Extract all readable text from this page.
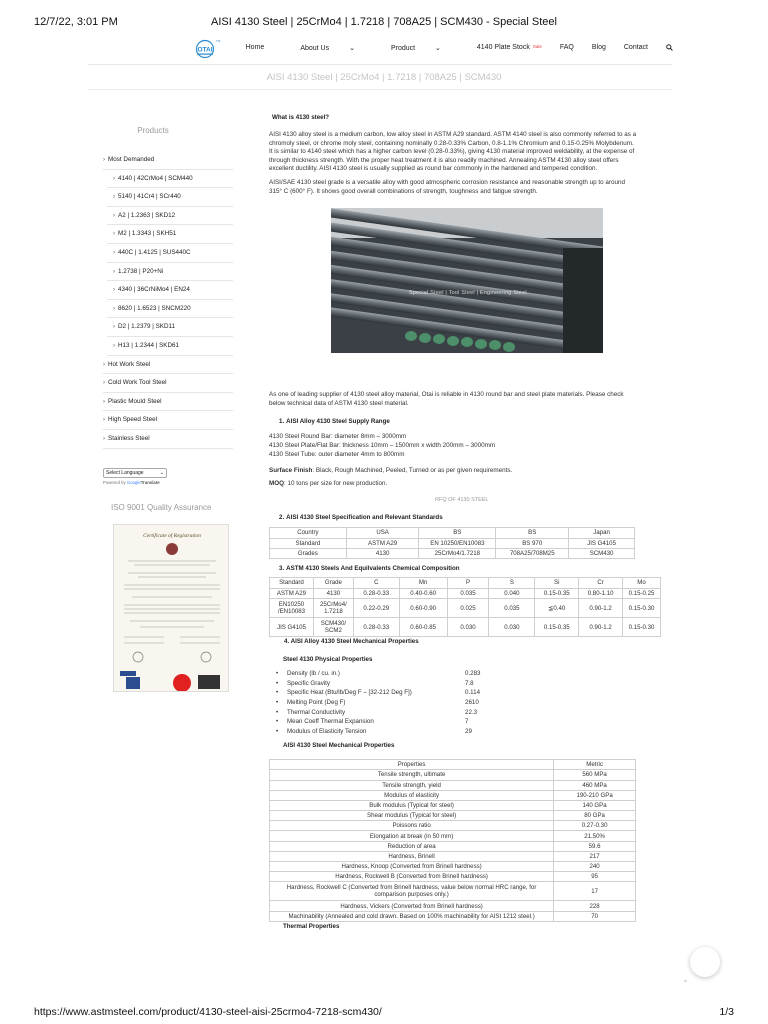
12/7/22, 3:01 PM	AISI 4130 Steel | 25CrMo4 | 1.7218 | 708A25 | SCM430 - Special Steel
OTAI
TM
Home	About Us	⌄	Product	⌄	4140 Plate Stock Sale	FAQ	Blog	Contact
AISI 4130 Steel | 25CrMo4 | 1.7218 | 708A25 | SCM430
Products
› Most Demanded
› 4140 | 42CrMo4 | SCM440
› 5140 | 41Cr4 | SCr440
› A2 | 1.2363 | SKD12
› M2 | 1.3343 | SKH51
› 440C | 1.4125 | SUS440C
› 1.2738 | P20+Ni
› 4340 | 36CrNiMo4 | EN24
› 8620 | 1.6523 | SNCM220
› D2 | 1.2379 | SKD11
› H13 | 1.2344 | SKD61
› Hot Work Steel
› Cold Work Tool Steel
› Plastic Mould Steel
› High Speed Steel
› Stainless Steel
Select Language	⌄
Powered by GoogleTranslate
ISO 9001 Quality Assurance
Certificate of Registration
What is 4130 steel?
AISI 4130 alloy steel is a medium carbon, low alloy steel in ASTM A29 standard. ASTM 4140 steel is also commonly referred to as a chromoly steel, or chrome moly steel, containing nominally 0.28-0.33% Carbon, 0.8-1.1% Chromium and 0.15-0.25% Molybdenum. It is similar to 4140 steel which has a higher carbon level (0.28-0.33%), giving 4130 material improved weldability, at the expense of through thickness strength. With the proper heat treatment it is also readily machined. Annealing ASTM 4130 alloy steel offers excellent ductility. AISI 4130 steel is usually supplied as round bar commonly in the hardened and tempered condition.
AISI/SAE 4130 steel grade is a versatile alloy with good atmospheric corrosion resistance and reasonable strength up to around 315° C (600° F). It shows good overall combinations of strength, toughness and fatigue strength.
Special Steel | Tool Steel | Engineering Steel
As one of leading supplier of 4130 steel alloy material, Otai is reliable in 4130 round bar and steel plate materials. Please check below technical data of ASTM 4130 steel material.
1. AISI Alloy 4130 Steel Supply Range
4130 Steel Round Bar: diameter 8mm – 3000mm
4130 Steel Plate/Flat Bar: thickness 10mm – 1500mm x width 200mm – 3000mm
4130 Steel Tube: outer diameter 4mm to 800mm
Surface Finish: Black, Rough Machined, Peeled, Turned or as per given requirements.
MOQ: 10 tons per size for new production.
RFQ OF 4130 STEEL
2. AISI 4130 Steel Specification and Relevant Standards
Country	USA	BS	BS	Japan
Standard	ASTM A29	EN 10250/EN10083	BS 970	JIS G4105
Grades	4130	25CrMo4/1.7218	708A25/708M25	SCM430
3. ASTM 4130 Steels And Equilvalents Chemical Composition
Standard	Grade	C	Mn	P	S	Si	Cr	Mo
ASTM A29	4130	0.28-0.33	0.40-0.60	0.035	0.040	0.15-0.35	0.80-1.10	0.15-0.25
EN10250 /EN10083	25CrMo4/ 1.7218	0.22-0.29	0.60-0.90	0.025	0.035	≦0.40	0.90-1.2	0.15-0.30
JIS G4105	SCM430/ SCM2	0.28-0.33	0.60-0.85	0.030	0.030	0.15-0.35	0.90-1.2	0.15-0.30
4. AISI Alloy 4130 Steel Mechanical Properties
Steel 4130 Physical Properties
• Density (lb / cu. in.)	0.283
• Specific Gravity	7.8
• Specific Heat (Btu/lb/Deg F – [32-212 Deg F])	0.114
• Melting Point (Deg F)	2610
• Thermal Conductivity	22.3
• Mean Coeff Thermal Expansion	7
• Modulus of Elasticity Tension	29
AISI 4130 Steel Mechanical Properties
Properties	Metric
Tensile strength, ultimate	560 MPa
Tensile strength, yield	460 MPa
Modulus of elasticity	190-210 GPa
Bulk modulus (Typical for steel)	140 GPa
Shear modulus (Typical for steel)	80 GPa
Poissons ratio	0.27-0.30
Elongation at break (in 50 mm)	21.50%
Reduction of area	59.6
Hardness, Brinell	217
Hardness, Knoop (Converted from Brinell hardness)	240
Hardness, Rockwell B (Converted from Brinell hardness)	95
Hardness, Rockwell C (Converted from Brinell hardness, value below normal HRC range, for comparison purposes only.)	17
Hardness, Vickers (Converted from Brinell hardness)	228
Machinability (Annealed and cold drawn. Based on 100% machinability for AISI 1212 steel.)	70
Thermal Properties
^
https://www.astmsteel.com/product/4130-steel-aisi-25crmo4-7218-scm430/	1/3
